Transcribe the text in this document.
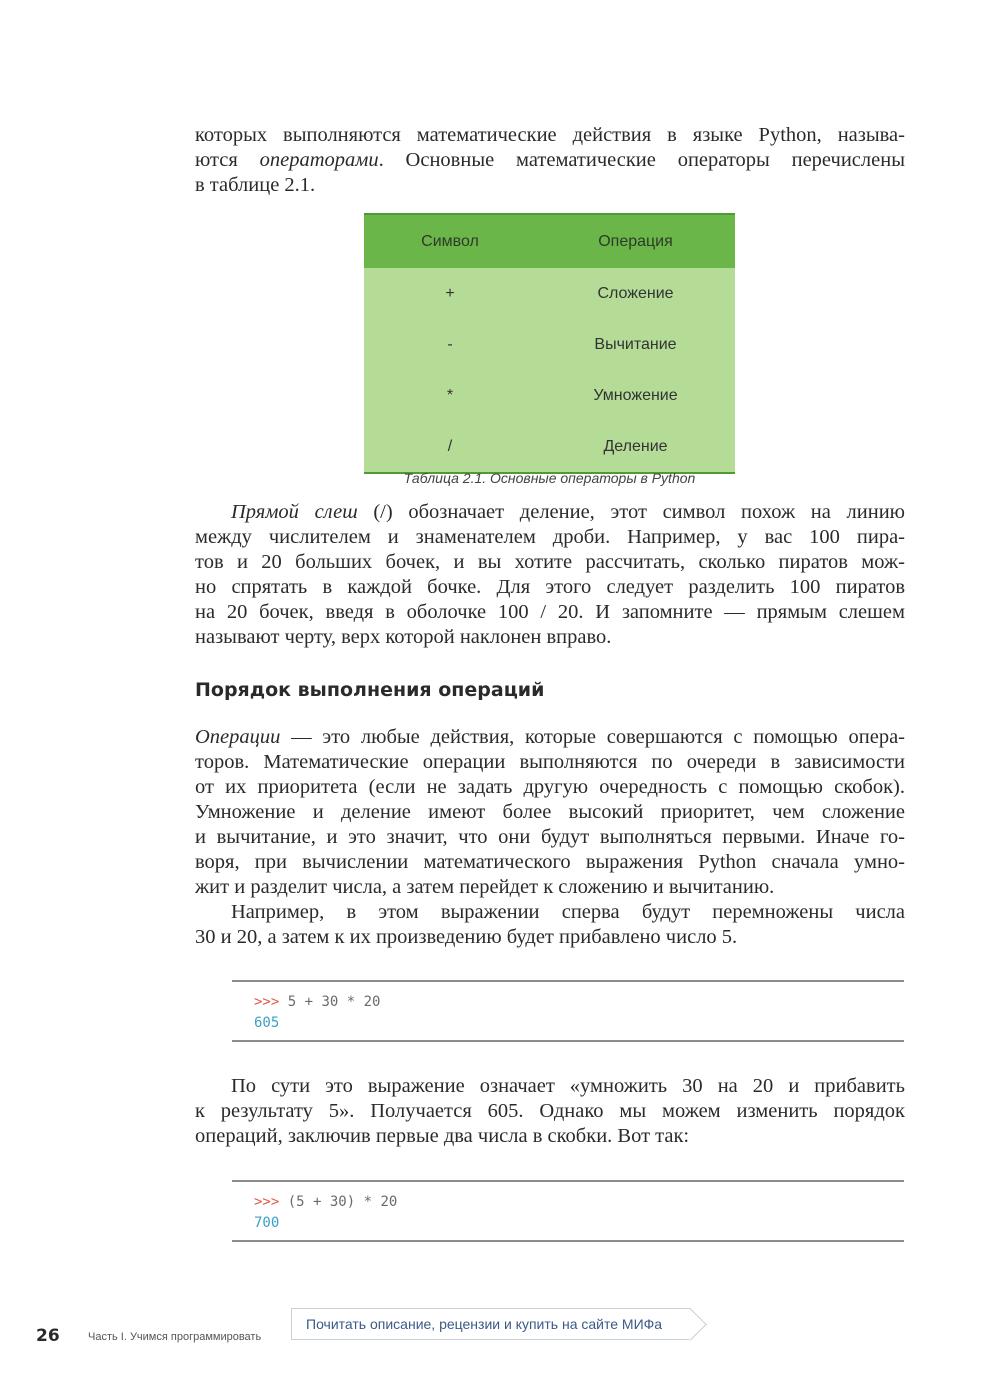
которых выполняются математические действия в языке Python, называ-
ются операторами. Основные математические операторы перечислены
в таблице 2.1.
Символ	Операция
+	Сложение
-	Вычитание
*	Умножение
/	Деление
Таблица 2.1. Основные операторы в Python
Прямой слеш (/) обозначает деление, этот символ похож на линию
между числителем и знаменателем дроби. Например, у вас 100 пира-
тов и 20 больших бочек, и вы хотите рассчитать, сколько пиратов мож-
но спрятать в каждой бочке. Для этого следует разделить 100 пиратов
на 20 бочек, введя в оболочке 100 / 20. И запомните — прямым слешем
называют черту, верх которой наклонен вправо.
Порядок выполнения операций
Операции — это любые действия, которые совершаются с помощью опера-
торов. Математические операции выполняются по очереди в зависимости
от их приоритета (если не задать другую очередность с помощью скобок).
Умножение и деление имеют более высокий приоритет, чем сложение
и вычитание, и это значит, что они будут выполняться первыми. Иначе го-
воря, при вычислении математического выражения Python сначала умно-
жит и разделит числа, а затем перейдет к сложению и вычитанию.
Например, в этом выражении сперва будут перемножены числа
30 и 20, а затем к их произведению будет прибавлено число 5.
>>> 5 + 30 * 20
605
По сути это выражение означает «умножить 30 на 20 и прибавить
к результату 5». Получается 605. Однако мы можем изменить порядок
операций, заключив первые два числа в скобки. Вот так:
>>> (5 + 30) * 20
700
26	Часть I. Учимся программировать
Почитать описание, рецензии и купить на сайте МИФа
